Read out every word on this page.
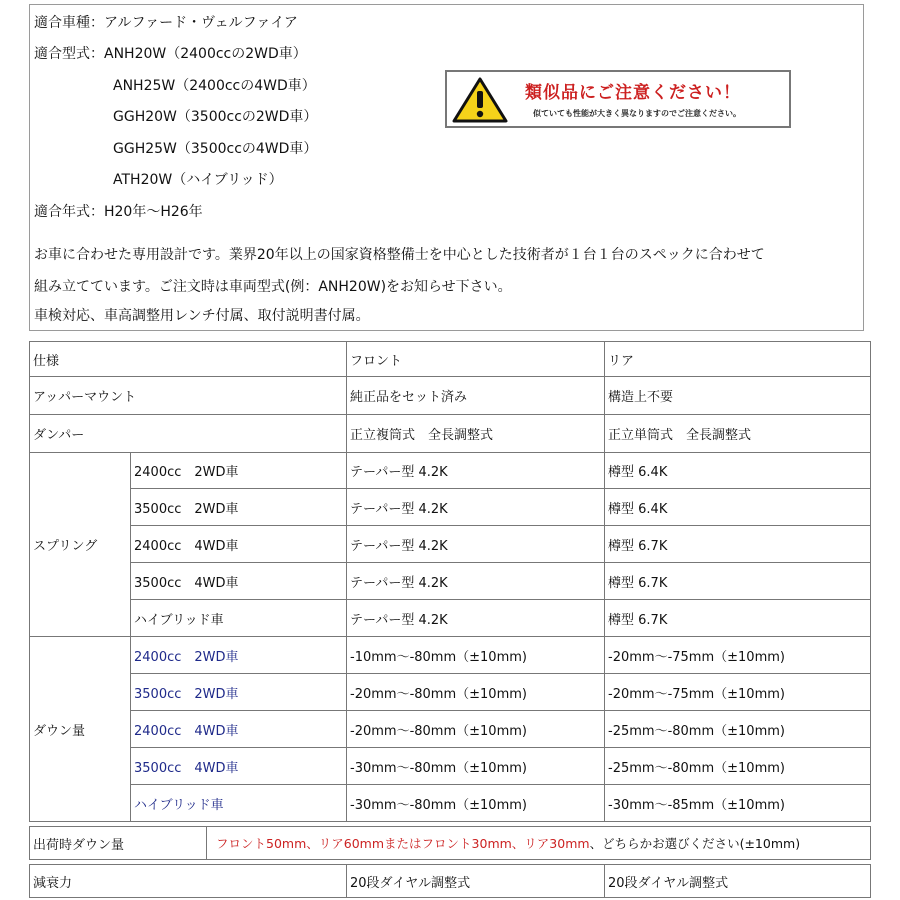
適合車種：アルファード・ヴェルファイア
適合型式：ANH20W（2400ccの2WD車）
ANH25W（2400ccの4WD車）
GGH20W（3500ccの2WD車）
GGH25W（3500ccの4WD車）
ATH20W（ハイブリッド）
適合年式：H20年〜H26年
お車に合わせた専用設計です。業界20年以上の国家資格整備士を中心とした技術者が１台１台のスペックに合わせて
組み立てています。ご注文時は車両型式(例：ANH20W)をお知らせ下さい。
車検対応、車高調整用レンチ付属、取付説明書付属。
類似品にご注意ください！
似ていても性能が大きく異なりますのでご注意ください。
仕様			フロント	リア
アッパーマウント			純正品をセット済み	構造上不要
ダンパー			正立複筒式　全長調整式	正立単筒式　全長調整式
スプリング	2400cc　2WD車		テーパー型 4.2K	樽型 6.4K
	3500cc　2WD車		テーパー型 4.2K	樽型 6.4K
	2400cc　4WD車		テーパー型 4.2K	樽型 6.7K
	3500cc　4WD車		テーパー型 4.2K	樽型 6.7K
	ハイブリッド車		テーパー型 4.2K	樽型 6.7K
ダウン量	2400cc　2WD車		-10mm〜-80mm（±10mm)	-20mm〜-75mm（±10mm)
	3500cc　2WD車		-20mm〜-80mm（±10mm)	-20mm〜-75mm（±10mm)
	2400cc　4WD車		-20mm〜-80mm（±10mm)	-25mm〜-80mm（±10mm)
	3500cc　4WD車		-30mm〜-80mm（±10mm)	-25mm〜-80mm（±10mm)
	ハイブリッド車		-30mm〜-80mm（±10mm)	-30mm〜-85mm（±10mm)

出荷時ダウン量		フロント50mm、リア60mmまたはフロント30mm、リア30mm、どちらかお選びください(±10mm)		

減衰力			20段ダイヤル調整式	20段ダイヤル調整式
